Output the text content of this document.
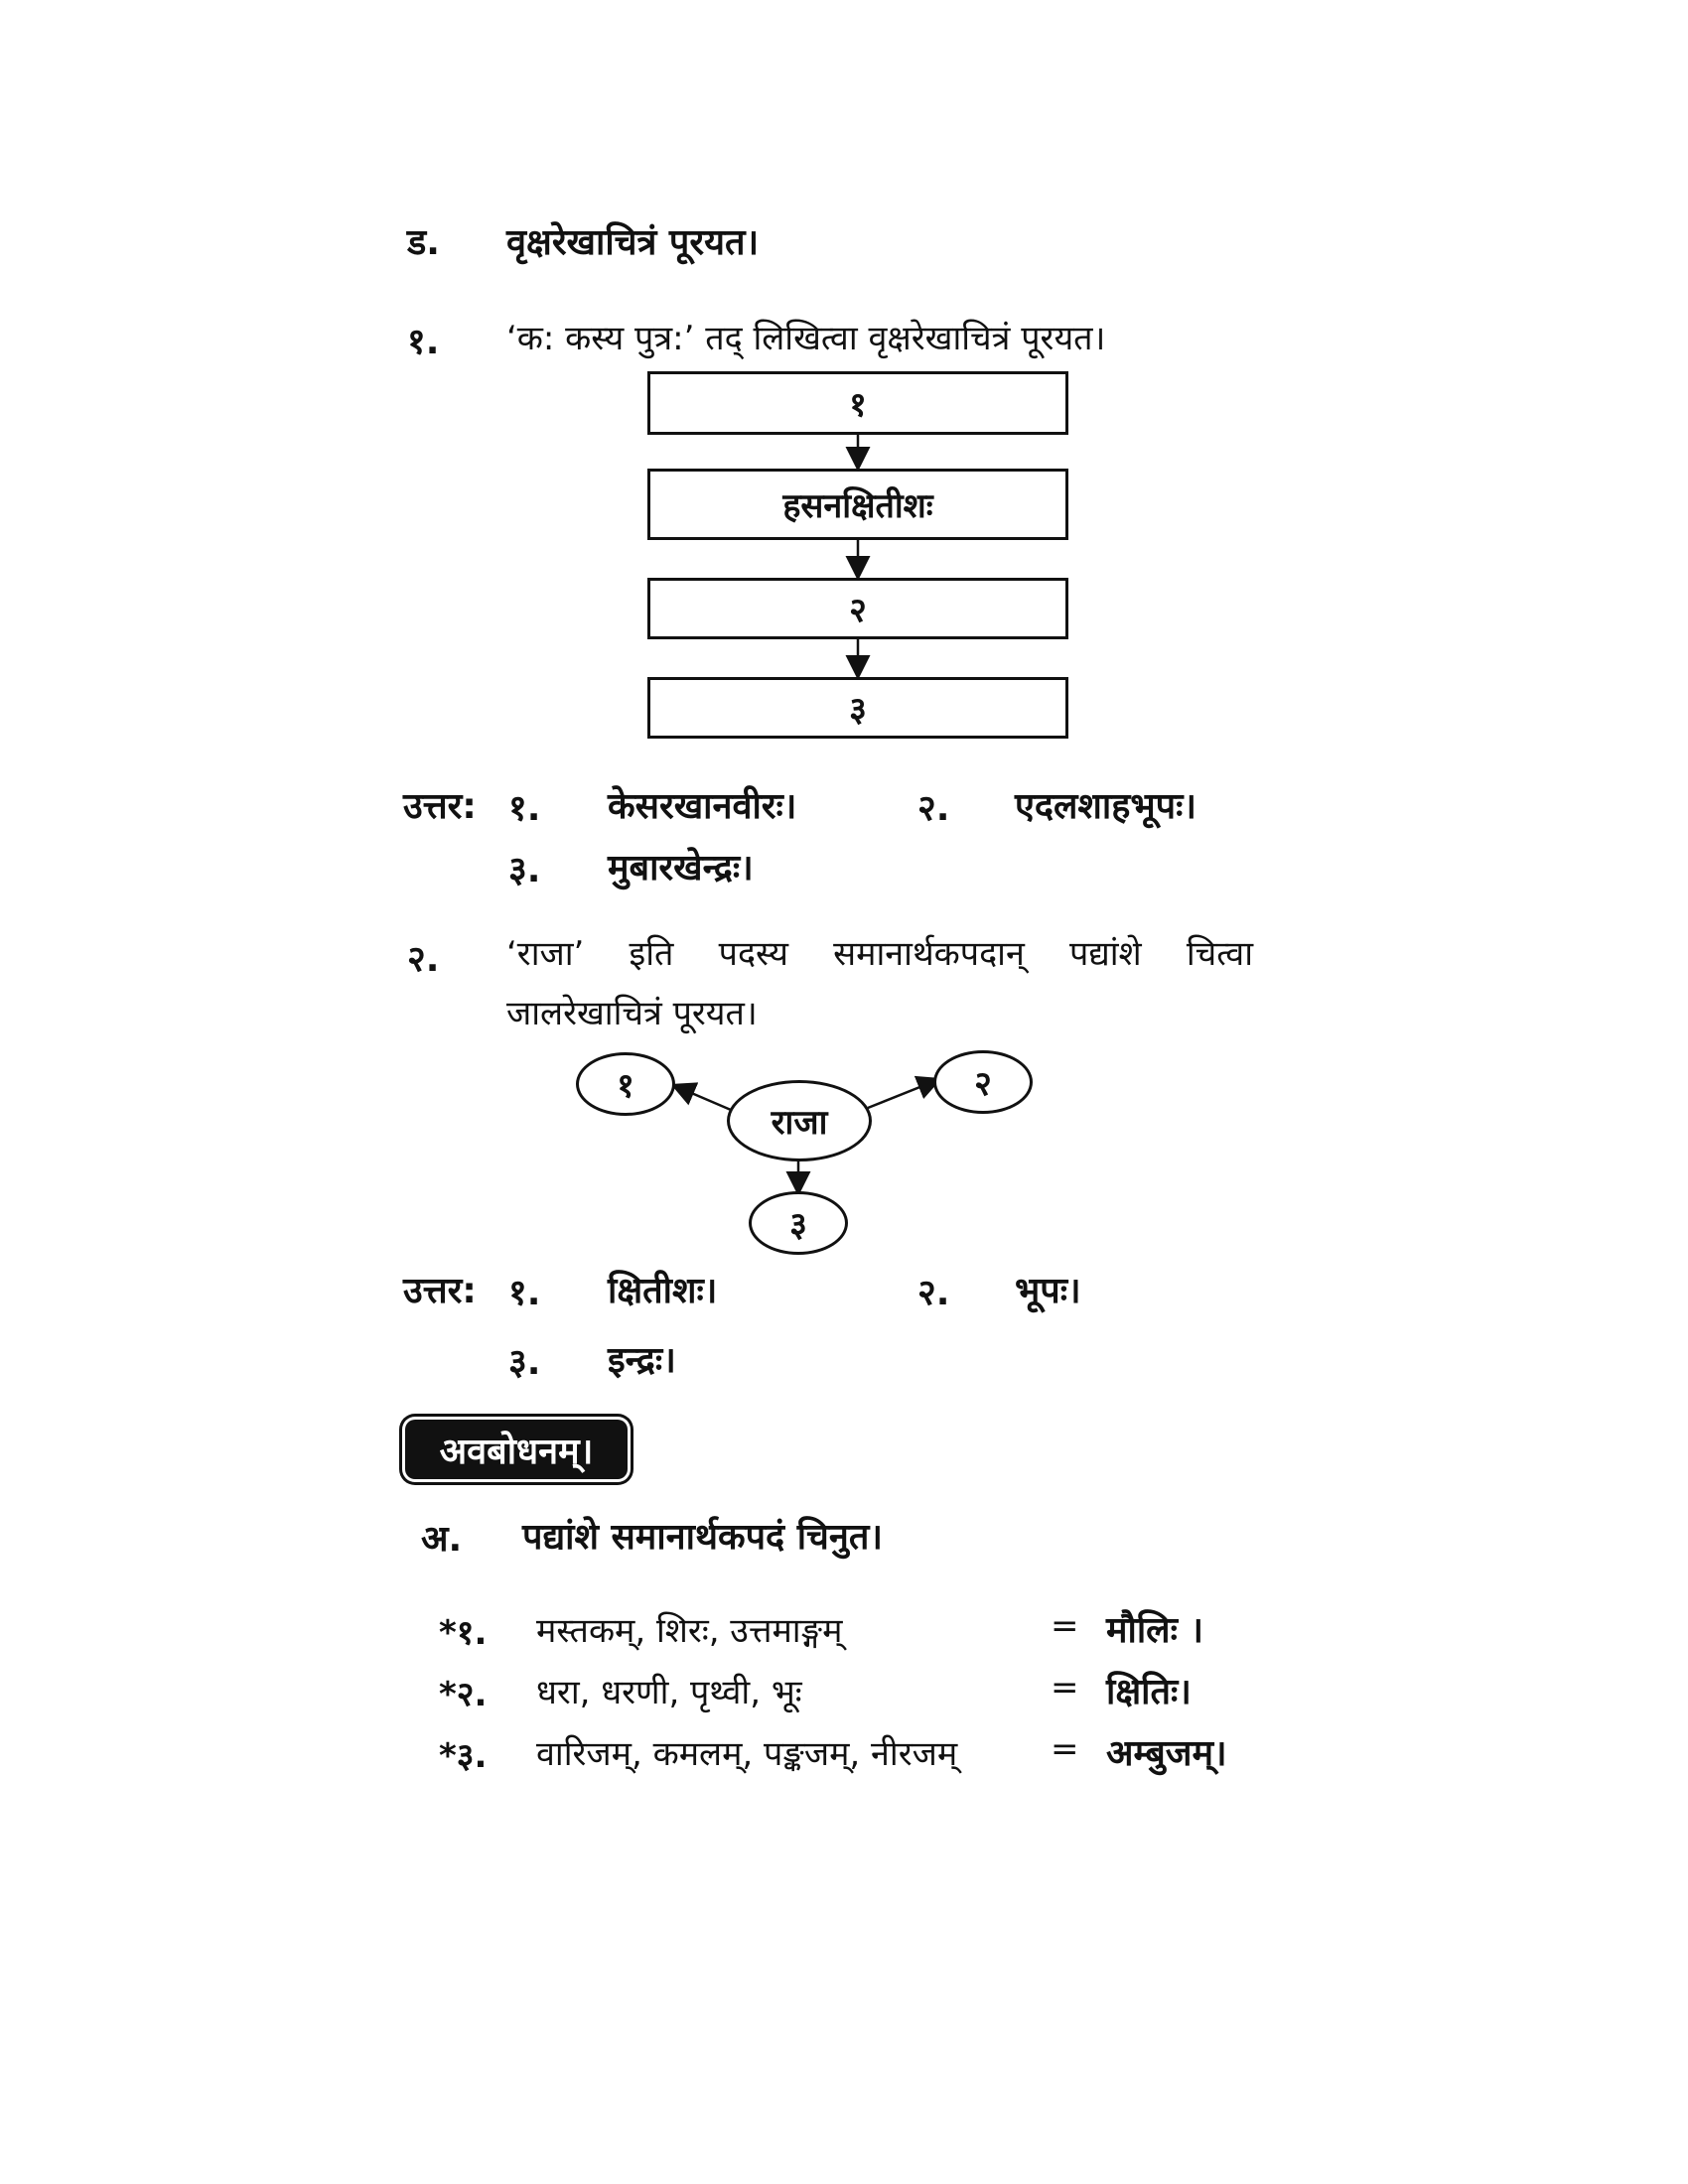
ड. वृक्षरेखाचित्रं पूरयत।
१. ‘क: कस्य पुत्र:’ तद् लिखित्वा वृक्षरेखाचित्रं पूरयत।
१
हसनक्षितीशः
२
३
उत्तर: १. केसरखानवीरः।	२. एदलशाहभूपः।
३. मुबारखेन्द्रः।
२. ‘राजा’ इति पदस्य समानार्थकपदान् पद्यांशे चित्वा
जालरेखाचित्रं पूरयत।
१
राजा
२
३
उत्तर: १. क्षितीशः।	२. भूपः।
३. इन्द्रः।
अवबोधनम्।
अ. पद्यांशे समानार्थकपदं चिनुत।
*१. मस्तकम्, शिरः, उत्तमाङ्गम्	= मौलिः ।
*२. धरा, धरणी, पृथ्वी, भूः	= क्षितिः।
*३. वारिजम्, कमलम्, पङ्कजम्, नीरजम्	= अम्बुजम्।
